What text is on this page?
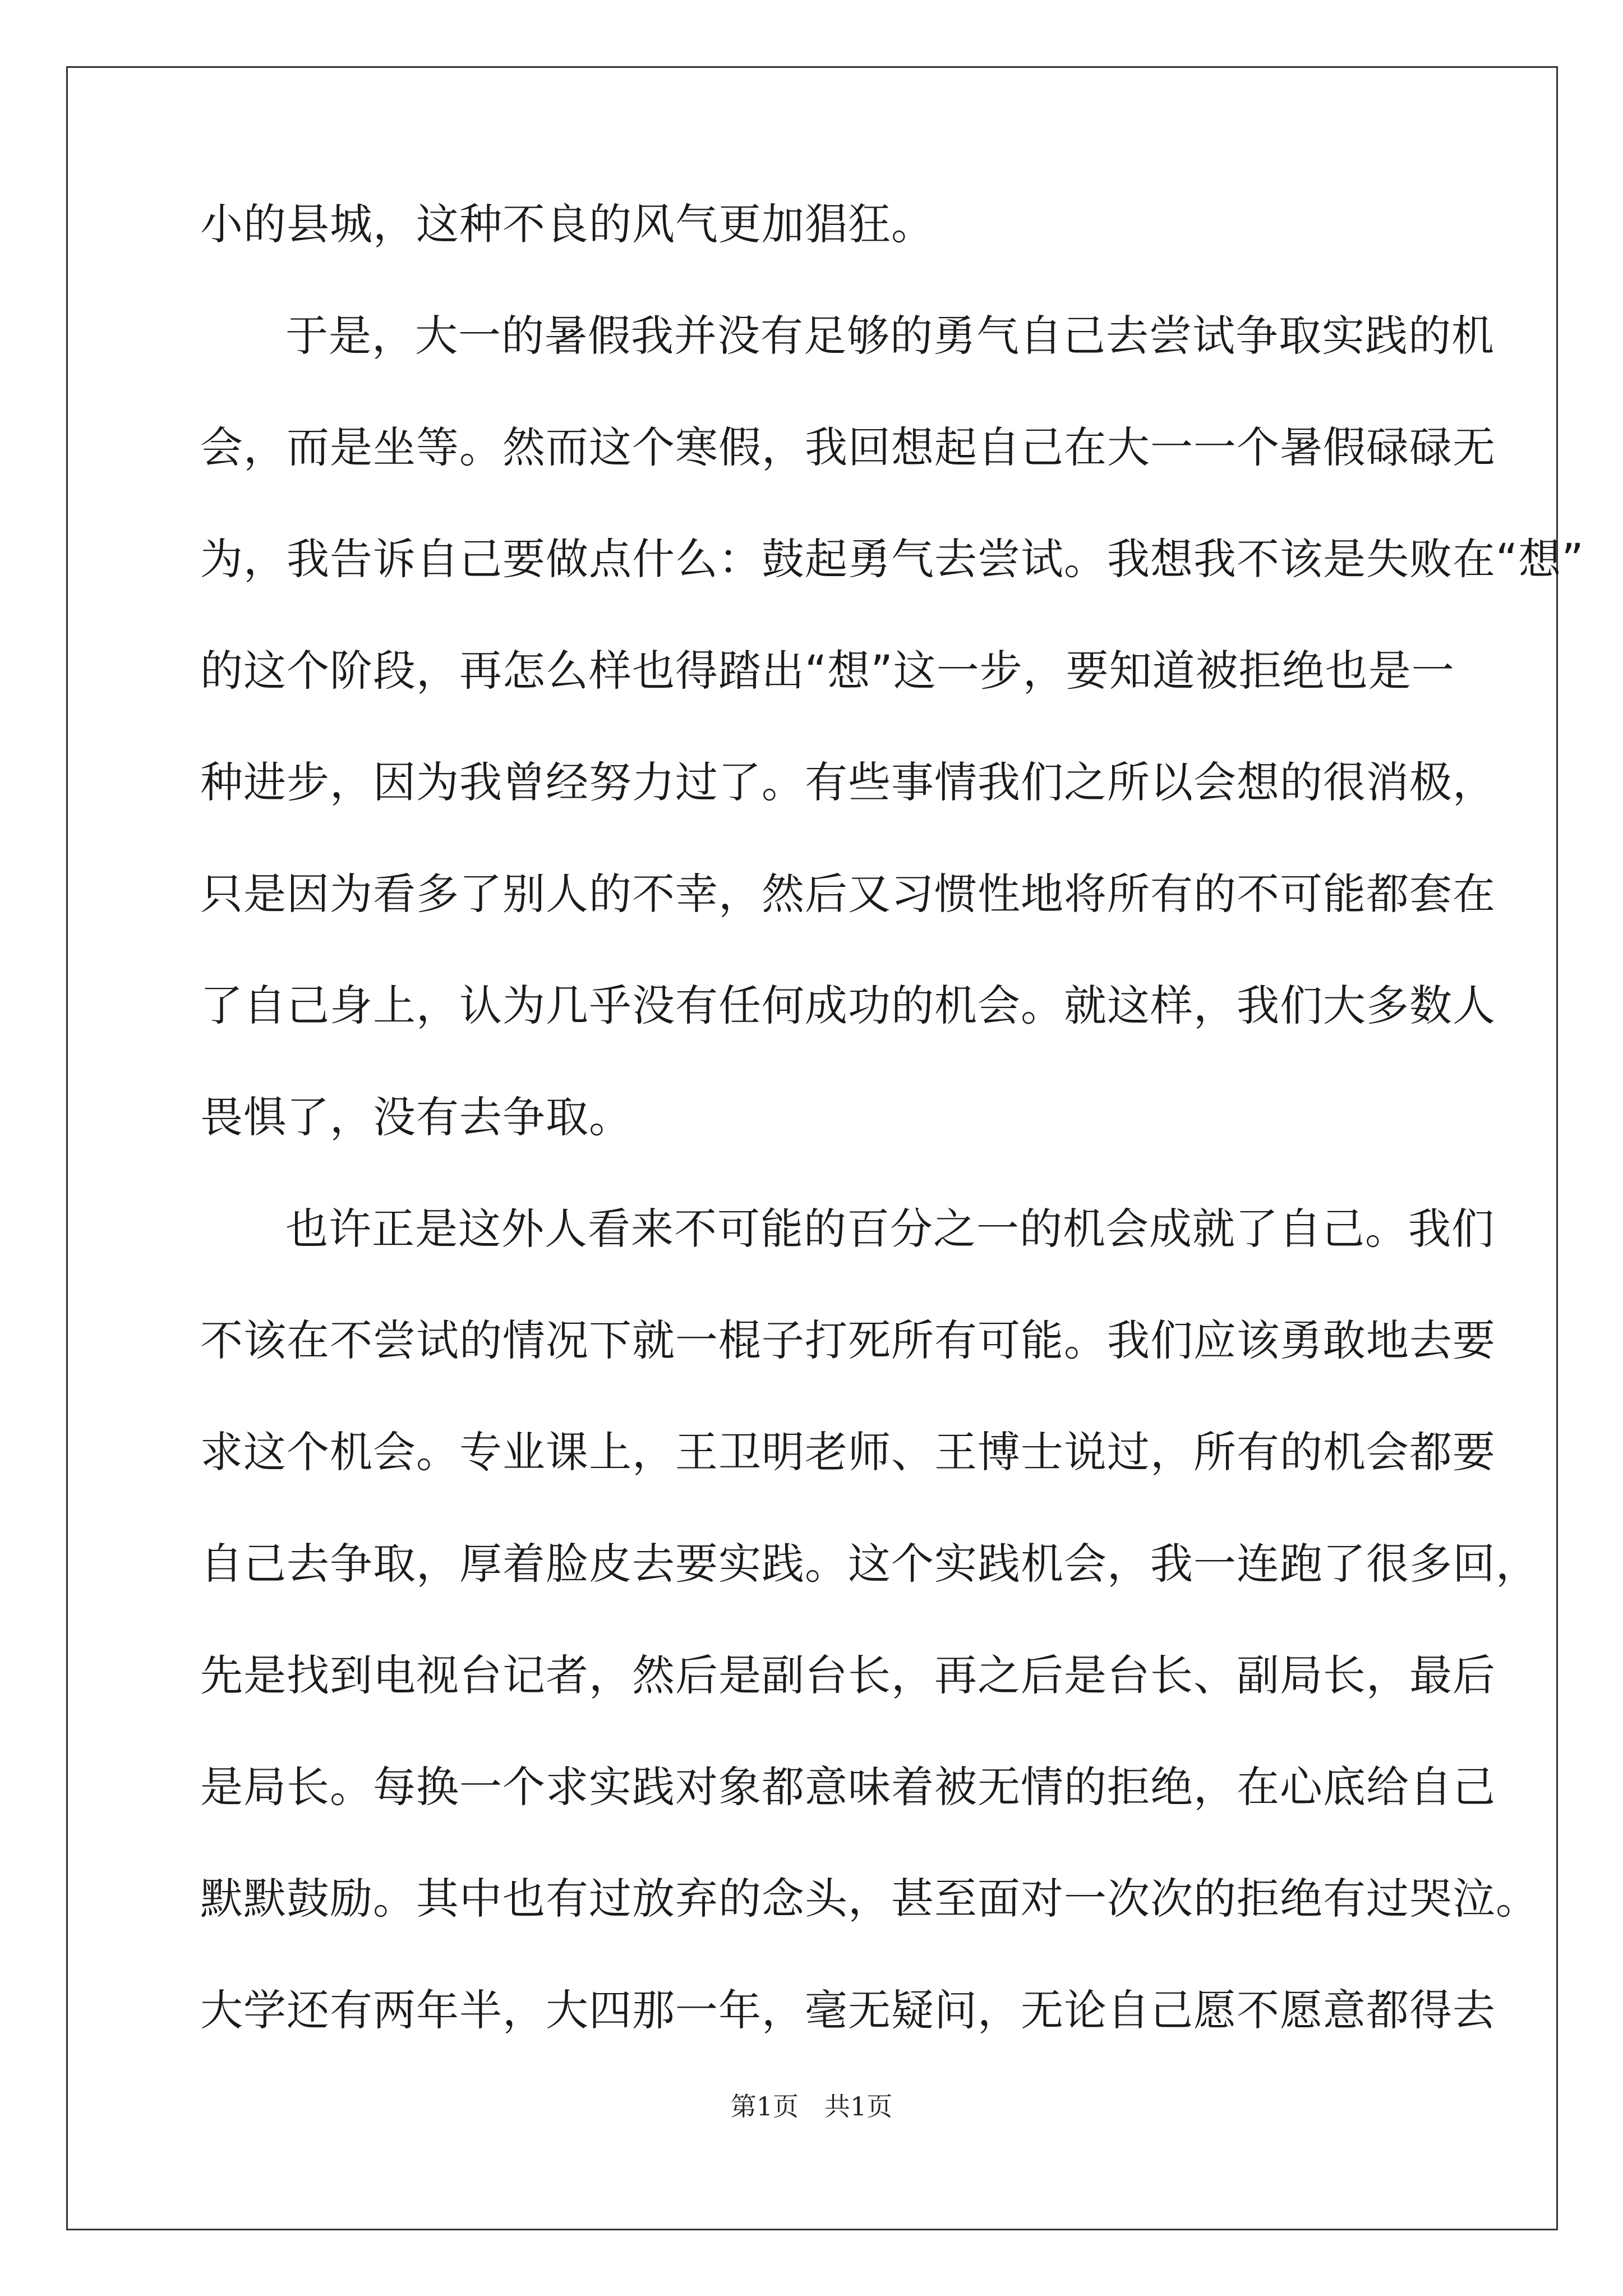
小的县城，这种不良的风气更加猖狂。
于是，大一的暑假我并没有足够的勇气自己去尝试争取实践的机
会，而是坐等。然而这个寒假，我回想起自己在大一一个暑假碌碌无
为，我告诉自己要做点什么：鼓起勇气去尝试。我想我不该是失败在“想”
的这个阶段，再怎么样也得踏出“想”这一步，要知道被拒绝也是一
种进步，因为我曾经努力过了。有些事情我们之所以会想的很消极，
只是因为看多了别人的不幸，然后又习惯性地将所有的不可能都套在
了自己身上，认为几乎没有任何成功的机会。就这样，我们大多数人
畏惧了，没有去争取。
也许正是这外人看来不可能的百分之一的机会成就了自己。我们
不该在不尝试的情况下就一棍子打死所有可能。我们应该勇敢地去要
求这个机会。专业课上，王卫明老师、王博士说过，所有的机会都要
自己去争取，厚着脸皮去要实践。这个实践机会，我一连跑了很多回，
先是找到电视台记者，然后是副台长，再之后是台长、副局长，最后
是局长。每换一个求实践对象都意味着被无情的拒绝，在心底给自己
默默鼓励。其中也有过放弃的念头，甚至面对一次次的拒绝有过哭泣。
大学还有两年半，大四那一年，毫无疑问，无论自己愿不愿意都得去
第1页 共1页
